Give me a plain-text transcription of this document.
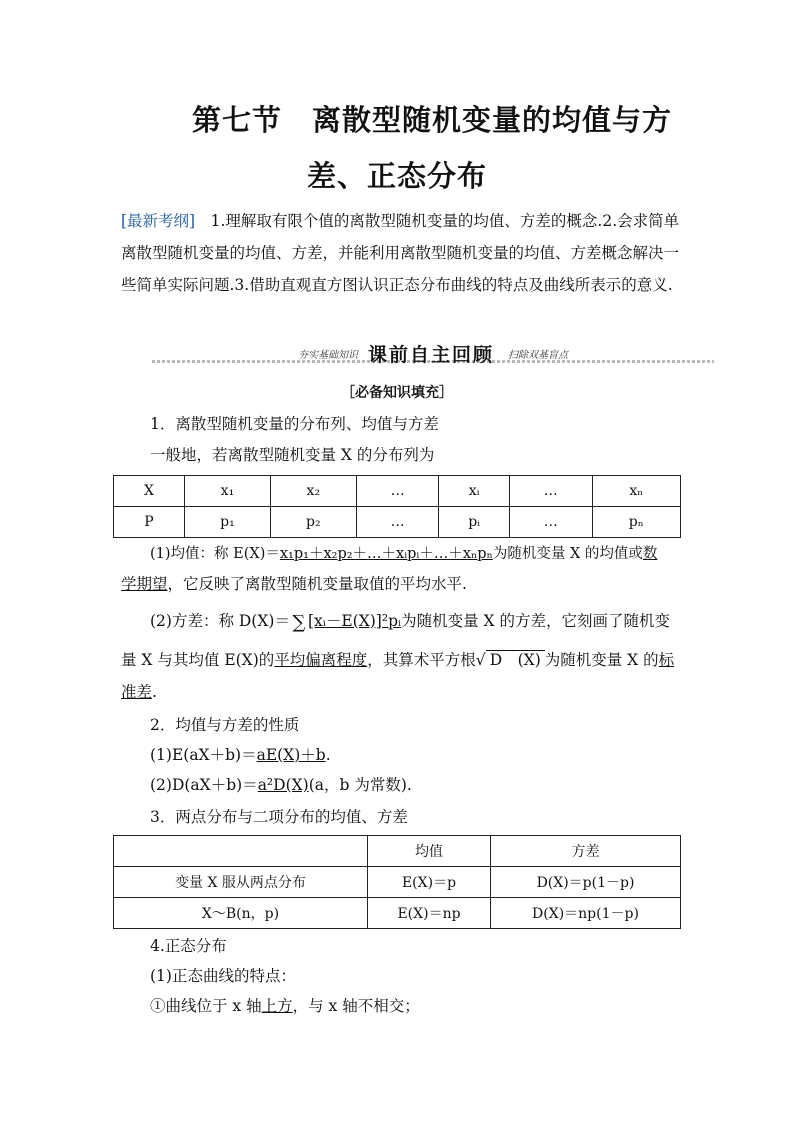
第七节　离散型随机变量的均值与方
差、正态分布
[最新考纲]　1.理解取有限个值的离散型随机变量的均值、方差的概念.2.会求简单离散型随机变量的均值、方差，并能利用离散型随机变量的均值、方差概念解决一些简单实际问题.3.借助直观直方图认识正态分布曲线的特点及曲线所表示的意义.
夯实基础知识 课前自主回顾 扫除双基盲点
［必备知识填充］
1．离散型随机变量的分布列、均值与方差
一般地，若离散型随机变量 X 的分布列为
X	x₁	x₂	…	xᵢ	…	xₙ
P	p₁	p₂	…	pᵢ	…	pₙ
(1)均值：称 E(X)＝x₁p₁＋x₂p₂＋…＋xᵢpᵢ＋…＋xₙpₙ为随机变量 X 的均值或数
学期望，它反映了离散型随机变量取值的平均水平.
(2)方差：称 D(X)＝ ∑ [xᵢ－E(X)]²pᵢ为随机变量 X 的方差，它刻画了随机变
量 X 与其均值 E(X)的平均偏离程度，其算术平方根√ D　(X) 为随机变量 X 的标
准差.
2．均值与方差的性质
(1)E(aX＋b)＝aE(X)＋b.
(2)D(aX＋b)＝a²D(X)(a，b 为常数).
3．两点分布与二项分布的均值、方差
	均值	方差
变量 X 服从两点分布	E(X)＝p	D(X)＝p(1－p)
X～B(n，p)	E(X)＝np	D(X)＝np(1－p)
4.正态分布
(1)正态曲线的特点：
①曲线位于 x 轴上方，与 x 轴不相交；
